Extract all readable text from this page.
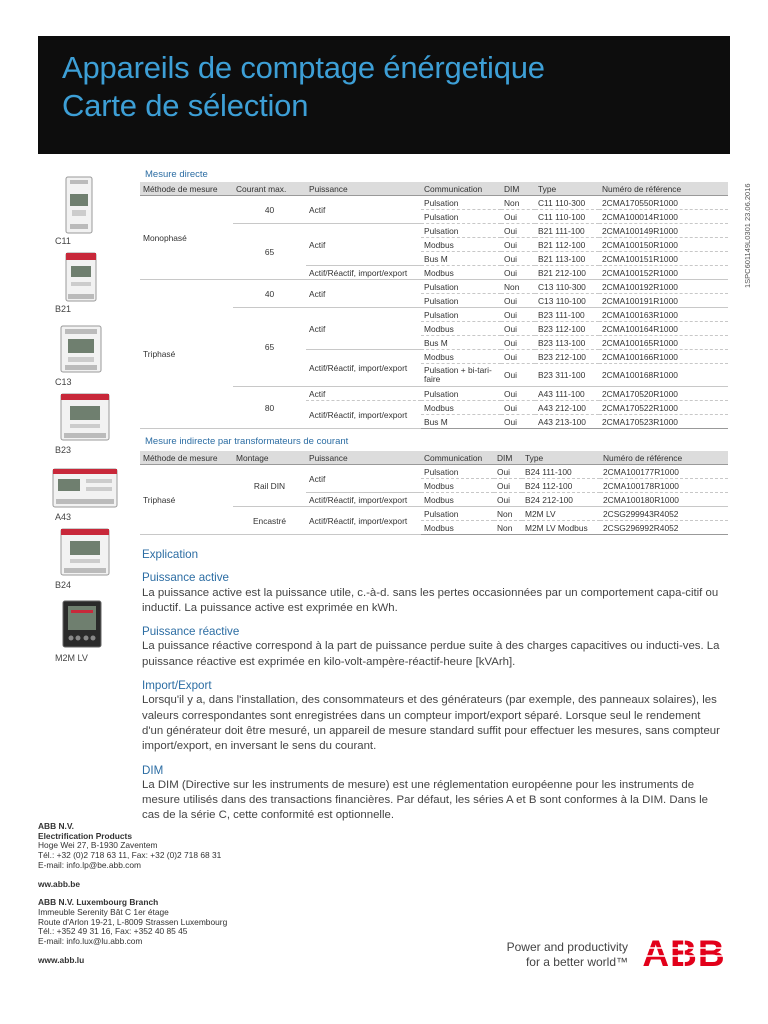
Appareils de comptage énérgetique
Carte de sélection
1SPC601149L0301 23.06.2016
C11
B21
C13
B23
A43
B24
M2M LV
Mesure directe
Méthode de mesure	Courant max.	Puissance	Communication	DIM	Type	Numéro de référence
Monophasé	40	Actif	Pulsation	Non	C11 110-300	2CMA170550R1000
			Pulsation	Oui	C11 110-100	2CMA100014R1000
	65	Actif	Pulsation	Oui	B21 111-100	2CMA100149R1000
			Modbus	Oui	B21 112-100	2CMA100150R1000
			Bus M	Oui	B21 113-100	2CMA100151R1000
		Actif/Réactif, import/export	Modbus	Oui	B21 212-100	2CMA100152R1000
Triphasé	40	Actif	Pulsation	Non	C13 110-300	2CMA100192R1000
			Pulsation	Oui	C13 110-100	2CMA100191R1000
	65	Actif	Pulsation	Oui	B23 111-100	2CMA100163R1000
			Modbus	Oui	B23 112-100	2CMA100164R1000
			Bus M	Oui	B23 113-100	2CMA100165R1000
		Actif/Réactif, import/export	Modbus	Oui	B23 212-100	2CMA100166R1000
			Pulsation + bi-tari-faire	Oui	B23 311-100	2CMA100168R1000
	80	Actif	Pulsation	Oui	A43 111-100	2CMA170520R1000
		Actif/Réactif, import/export	Modbus	Oui	A43 212-100	2CMA170522R1000
			Bus M	Oui	A43 213-100	2CMA170523R1000
Mesure indirecte par transformateurs de courant
Méthode de mesure	Montage	Puissance	Communication	DIM	Type	Numéro de référence
Triphasé	Rail DIN	Actif	Pulsation	Oui	B24 111-100	2CMA100177R1000
			Modbus	Oui	B24 112-100	2CMA100178R1000
		Actif/Réactif, import/export	Modbus	Oui	B24 212-100	2CMA100180R1000
	Encastré	Actif/Réactif, import/export	Pulsation	Non	M2M LV	2CSG299943R4052
			Modbus	Non	M2M LV Modbus	2CSG296992R4052
Explication
Puissance active

La puissance active est la puissance utile, c.-à-d. sans les pertes occasionnées par un comportement capa-citif ou inductif. La puissance active est exprimée en kWh.

Puissance réactive

La puissance réactive correspond à la part de puissance perdue suite à des charges capacitives ou inducti-ves. La puissance réactive est exprimée en kilo-volt-ampère-réactif-heure [kVArh].

Import/Export

Lorsqu'il y a, dans l'installation, des consommateurs et des générateurs (par exemple, des panneaux solaires), les valeurs correspondantes sont enregistrées dans un compteur import/export séparé. Lorsque seul le rendement d'un générateur doit être mesuré, un appareil de mesure standard suffit pour effectuer les mesures, sans compteur import/export, en inversant le sens du courant.

DIM

La DIM (Directive sur les instruments de mesure) est une réglementation européenne pour les instruments de mesure utilisés dans des transactions financières. Par défaut, les séries A et B sont conformes à la DIM. Dans le cas de la série C, cette conformité est optionnelle.

ABB N.V.
Electrification Products
Hoge Wei 27, B-1930 Zaventem
Tél.: +32 (0)2 718 63 11, Fax: +32 (0)2 718 68 31
E-mail: info.lp@be.abb.com
ww.abb.be
ABB N.V. Luxembourg Branch
Immeuble Serenity Bât C 1er étage
Route d'Arlon 19-21, L-8009 Strassen Luxembourg
Tél.: +352 49 31 16, Fax: +352 40 85 45
E-mail: info.lux@lu.abb.com
www.abb.lu
Power and productivity
for a better world™ ABB
